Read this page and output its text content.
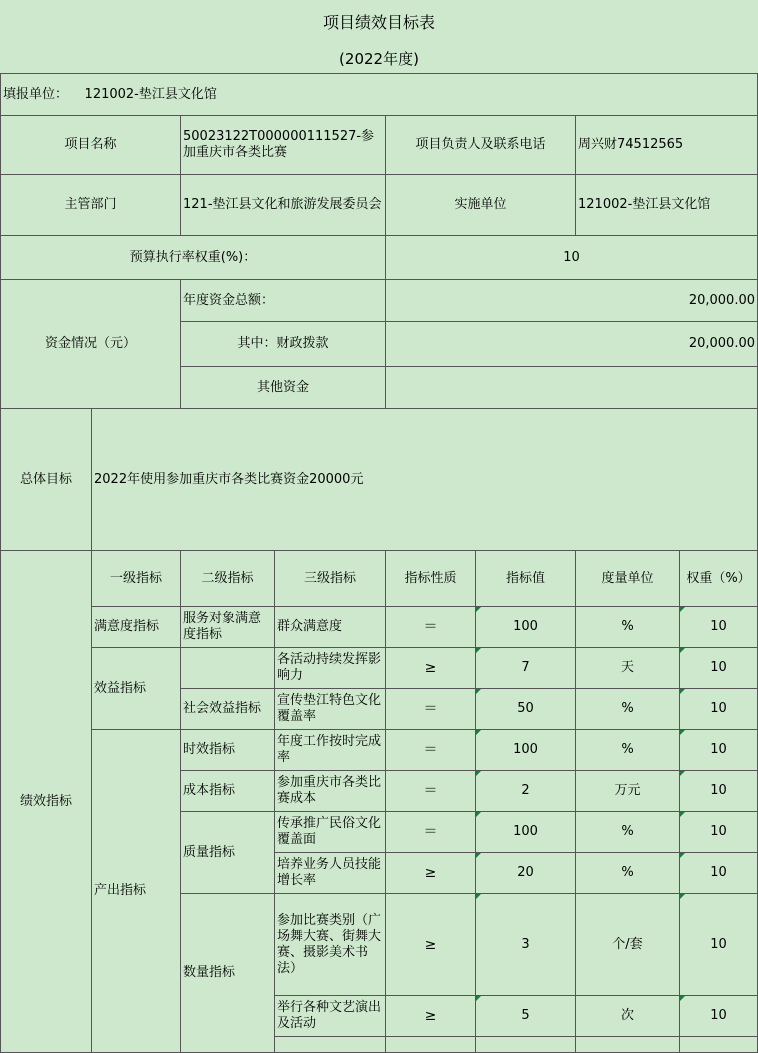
项目绩效目标表
(2022年度)
填报单位： 121002-垫江县文化馆							
项目名称		50023122T000000111527-参加重庆市各类比赛		项目负责人及联系电话		周兴财74512565	
主管部门		121-垫江县文化和旅游发展委员会		实施单位		121002-垫江县文化馆	
预算执行率权重(%)：				10			
资金情况（元）		年度资金总额：		20,000.00			
		其中：财政拨款		20,000.00			
		其他资金					
总体目标	2022年使用参加重庆市各类比赛资金20000元						
绩效指标	一级指标	二级指标	三级指标	指标性质	指标值	度量单位	权重（%）
	满意度指标	服务对象满意度指标	群众满意度	＝	100	%	10
	效益指标		各活动持续发挥影响力	≥	7	天	10
		社会效益指标	宣传垫江特色文化覆盖率	＝	50	%	10
	产出指标	时效指标	年度工作按时完成率	＝	100	%	10
		成本指标	参加重庆市各类比赛成本	＝	2	万元	10
		质量指标	传承推广民俗文化覆盖面	＝	100	%	10
			培养业务人员技能增长率	≥	20	%	10
		数量指标	参加比赛类别（广场舞大赛、街舞大赛、摄影美术书法）	≥	3	个/套	10
			举行各种文艺演出及活动	≥	5	次	10
